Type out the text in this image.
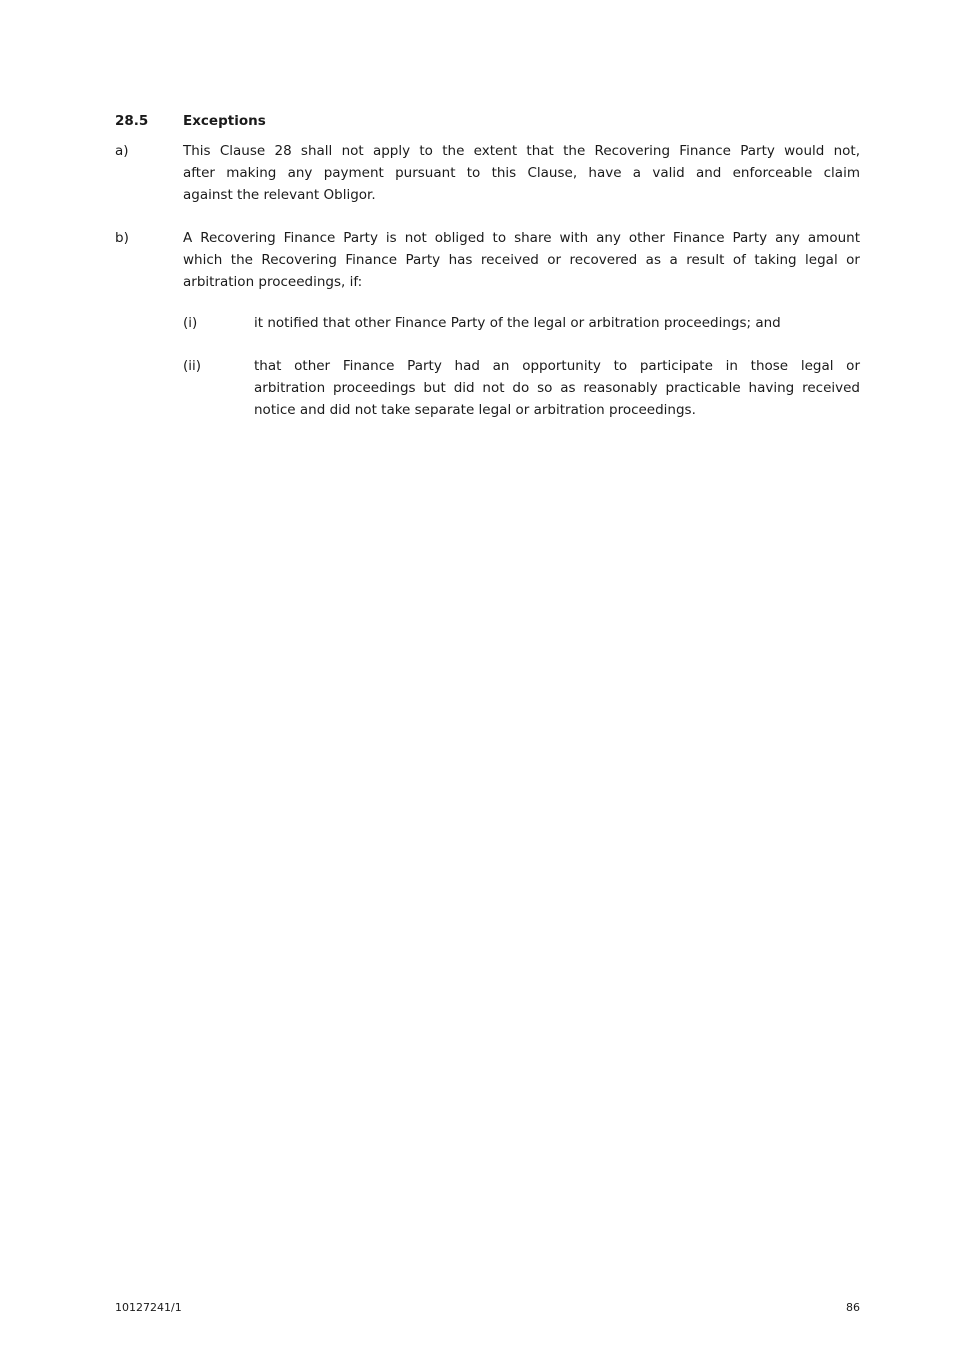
28.5	Exceptions
a)	This Clause 28 shall not apply to the extent that the Recovering Finance Party would not,
after making any payment pursuant to this Clause, have a valid and enforceable claim
against the relevant Obligor.
b)	A Recovering Finance Party is not obliged to share with any other Finance Party any amount
which the Recovering Finance Party has received or recovered as a result of taking legal or
arbitration proceedings, if:
(i)	it notified that other Finance Party of the legal or arbitration proceedings; and
(ii)	that other Finance Party had an opportunity to participate in those legal or
arbitration proceedings but did not do so as reasonably practicable having received
notice and did not take separate legal or arbitration proceedings.
10127241/1	86
